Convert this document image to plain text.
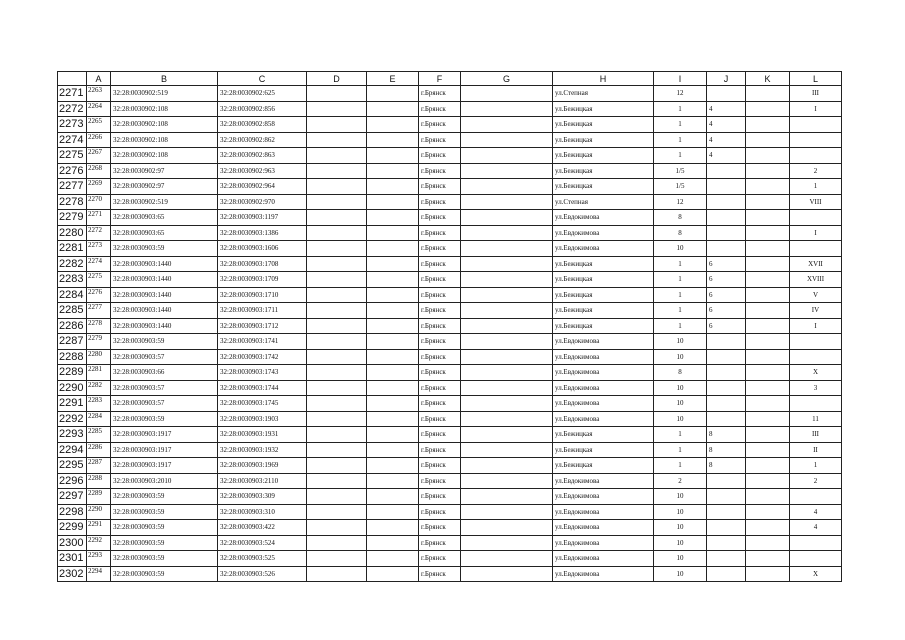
	A	B	C	D	E	F	G	H	I	J	K	L
2271	2263	32:28:0030902:519	32:28:0030902:625			г.Брянск		ул.Степная	12			III
2272	2264	32:28:0030902:108	32:28:0030902:856			г.Брянск		ул.Бежицкая	1	4		I
2273	2265	32:28:0030902:108	32:28:0030902:858			г.Брянск		ул.Бежицкая	1	4		
2274	2266	32:28:0030902:108	32:28:0030902:862			г.Брянск		ул.Бежицкая	1	4		
2275	2267	32:28:0030902:108	32:28:0030902:863			г.Брянск		ул.Бежицкая	1	4		
2276	2268	32:28:0030902:97	32:28:0030902:963			г.Брянск		ул.Бежицкая	1/5			2
2277	2269	32:28:0030902:97	32:28:0030902:964			г.Брянск		ул.Бежицкая	1/5			1
2278	2270	32:28:0030902:519	32:28:0030902:970			г.Брянск		ул.Степная	12			VIII
2279	2271	32:28:0030903:65	32:28:0030903:1197			г.Брянск		ул.Евдокимова	8			
2280	2272	32:28:0030903:65	32:28:0030903:1386			г.Брянск		ул.Евдокимова	8			I
2281	2273	32:28:0030903:59	32:28:0030903:1606			г.Брянск		ул.Евдокимова	10			
2282	2274	32:28:0030903:1440	32:28:0030903:1708			г.Брянск		ул.Бежицкая	1	6		XVII
2283	2275	32:28:0030903:1440	32:28:0030903:1709			г.Брянск		ул.Бежицкая	1	6		XVIII
2284	2276	32:28:0030903:1440	32:28:0030903:1710			г.Брянск		ул.Бежицкая	1	6		V
2285	2277	32:28:0030903:1440	32:28:0030903:1711			г.Брянск		ул.Бежицкая	1	6		IV
2286	2278	32:28:0030903:1440	32:28:0030903:1712			г.Брянск		ул.Бежицкая	1	6		I
2287	2279	32:28:0030903:59	32:28:0030903:1741			г.Брянск		ул.Евдокимова	10			
2288	2280	32:28:0030903:57	32:28:0030903:1742			г.Брянск		ул.Евдокимова	10			
2289	2281	32:28:0030903:66	32:28:0030903:1743			г.Брянск		ул.Евдокимова	8			X
2290	2282	32:28:0030903:57	32:28:0030903:1744			г.Брянск		ул.Евдокимова	10			3
2291	2283	32:28:0030903:57	32:28:0030903:1745			г.Брянск		ул.Евдокимова	10			
2292	2284	32:28:0030903:59	32:28:0030903:1903			г.Брянск		ул.Евдокимова	10			11
2293	2285	32:28:0030903:1917	32:28:0030903:1931			г.Брянск		ул.Бежицкая	1	8		III
2294	2286	32:28:0030903:1917	32:28:0030903:1932			г.Брянск		ул.Бежицкая	1	8		II
2295	2287	32:28:0030903:1917	32:28:0030903:1969			г.Брянск		ул.Бежицкая	1	8		1
2296	2288	32:28:0030903:2010	32:28:0030903:2110			г.Брянск		ул.Евдокимова	2			2
2297	2289	32:28:0030903:59	32:28:0030903:309			г.Брянск		ул.Евдокимова	10			
2298	2290	32:28:0030903:59	32:28:0030903:310			г.Брянск		ул.Евдокимова	10			4
2299	2291	32:28:0030903:59	32:28:0030903:422			г.Брянск		ул.Евдокимова	10			4
2300	2292	32:28:0030903:59	32:28:0030903:524			г.Брянск		ул.Евдокимова	10			
2301	2293	32:28:0030903:59	32:28:0030903:525			г.Брянск		ул.Евдокимова	10			
2302	2294	32:28:0030903:59	32:28:0030903:526			г.Брянск		ул.Евдокимова	10			X
